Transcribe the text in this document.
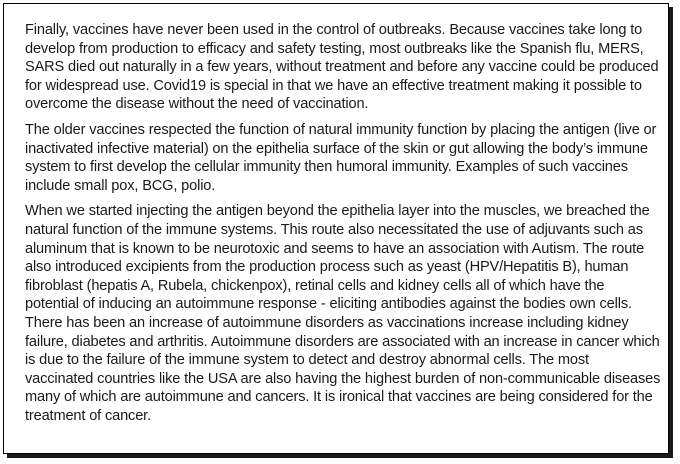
Finally, vaccines have never been used in the control of outbreaks. Because vaccines take long to develop from production to efficacy and safety testing, most outbreaks like the Spanish flu, MERS, SARS died out naturally in a few years, without treatment and before any vaccine could be produced for widespread use. Covid19 is special in that we have an effective treatment making it possible to overcome the disease without the need of vaccination.

The older vaccines respected the function of natural immunity function by placing the antigen (live or inactivated infective material) on the epithelia surface of the skin or gut allowing the body’s immune system to first develop the cellular immunity then humoral immunity. Examples of such vaccines include small pox, BCG, polio.

When we started injecting the antigen beyond the epithelia layer into the muscles, we breached the natural function of the immune systems. This route also necessitated the use of adjuvants such as aluminum that is known to be neurotoxic and seems to have an association with Autism. The route also introduced excipients from the production process such as yeast (HPV/Hepatitis B), human fibroblast (hepatis A, Rubela, chickenpox), retinal cells and kidney cells all of which have the potential of inducing an autoimmune response - eliciting antibodies against the bodies own cells. There has been an increase of autoimmune disorders as vaccinations increase including kidney failure, diabetes and arthritis. Autoimmune disorders are associated with an increase in cancer which is due to the failure of the immune system to detect and destroy abnormal cells. The most vaccinated countries like the USA are also having the highest burden of non-communicable diseases many of which are autoimmune and cancers. It is ironical that vaccines are being considered for the treatment of cancer.
